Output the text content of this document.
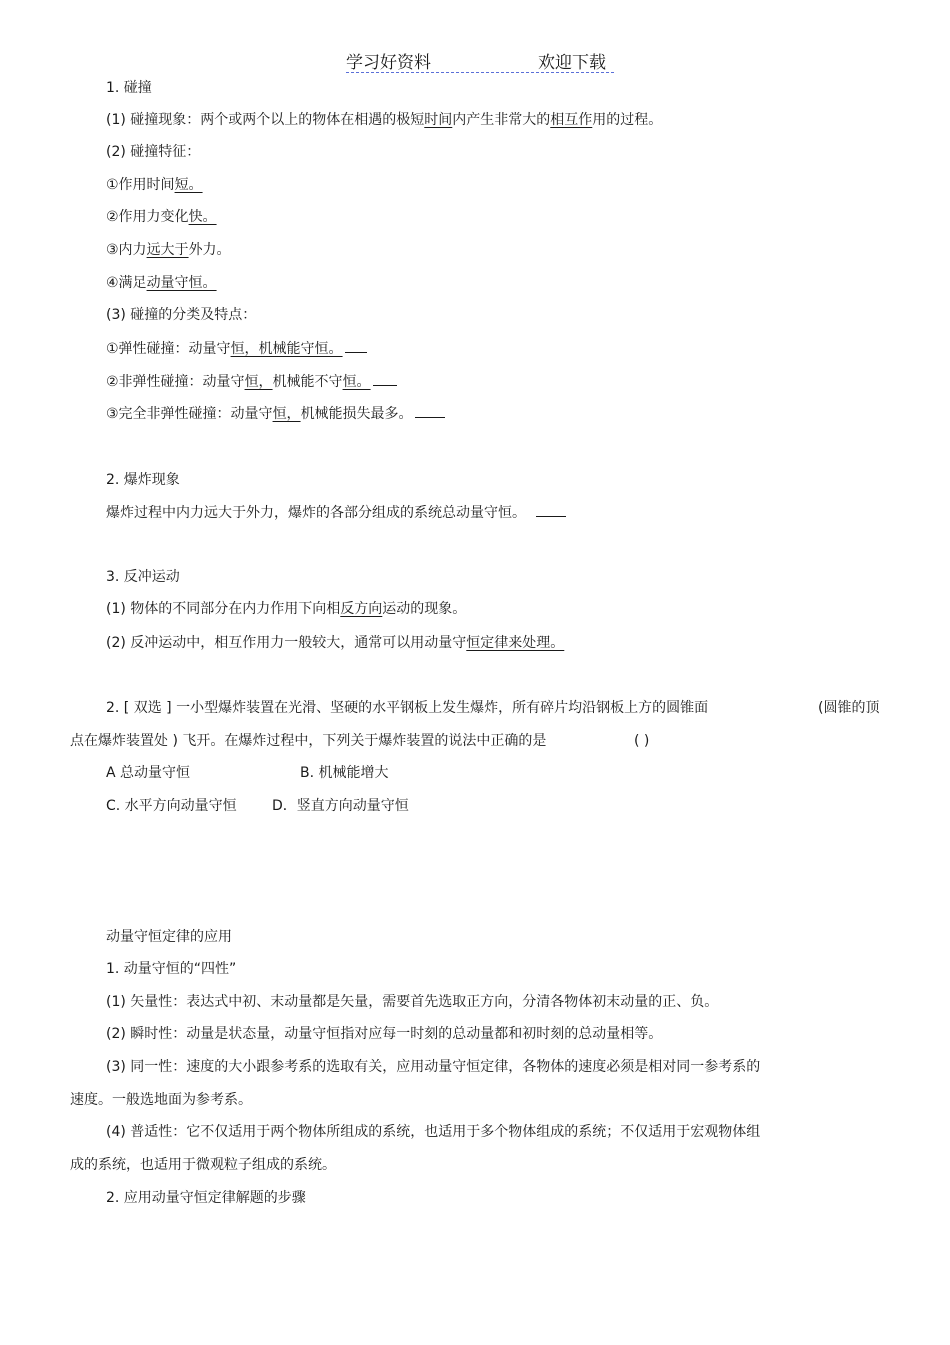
学习好资料	欢迎下载
1. 碰撞
(1) 碰撞现象：两个或两个以上的物体在相遇的极短时间内产生非常大的相互作用的过程。
(2) 碰撞特征：
①作用时间短。
②作用力变化快。
③内力远大于外力。
④满足动量守恒。
(3) 碰撞的分类及特点：
①弹性碰撞：动量守恒，机械能守恒。
②非弹性碰撞：动量守恒，机械能不守恒。
③完全非弹性碰撞：动量守恒，机械能损失最多。
2. 爆炸现象
爆炸过程中内力远大于外力，爆炸的各部分组成的系统总动量守恒。
3. 反冲运动
(1) 物体的不同部分在内力作用下向相反方向运动的现象。
(2) 反冲运动中，相互作用力一般较大，通常可以用动量守恒定律来处理。
2. [ 双选 ] 一小型爆炸装置在光滑、坚硬的水平钢板上发生爆炸，所有碎片均沿钢板上方的圆锥面	(圆锥的顶
点在爆炸装置处 ) 飞开。在爆炸过程中，下列关于爆炸装置的说法中正确的是	( )
A 总动量守恒	B. 机械能增大
C. 水平方向动量守恒	D．竖直方向动量守恒
动量守恒定律的应用
1. 动量守恒的“四性”
(1) 矢量性：表达式中初、末动量都是矢量，需要首先选取正方向，分清各物体初末动量的正、负。
(2) 瞬时性：动量是状态量，动量守恒指对应每一时刻的总动量都和初时刻的总动量相等。
(3) 同一性：速度的大小跟参考系的选取有关，应用动量守恒定律，各物体的速度必须是相对同一参考系的
速度。一般选地面为参考系。
(4) 普适性：它不仅适用于两个物体所组成的系统，也适用于多个物体组成的系统；不仅适用于宏观物体组
成的系统，也适用于微观粒子组成的系统。
2. 应用动量守恒定律解题的步骤
